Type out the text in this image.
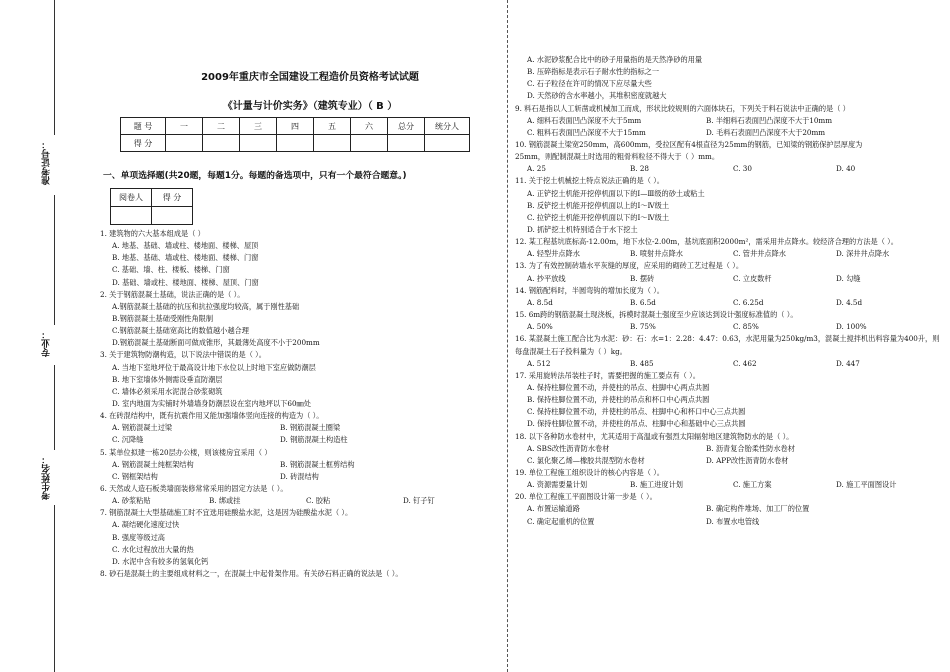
准考证号：
专业：
考生姓名：
2009年重庆市全国建设工程造价员资格考试试题
《计量与计价实务》（建筑专业）（ B ）
题 号	一	二	三	四	五	六	总分	统分人
得 分								
一、单项选择题(共20题，每题1分。每题的备选项中，只有一个最符合题意。)
阅卷人	得 分

1. 建筑物的六大基本组成是（ ）
A. 地基、基础、墙或柱、楼地面、楼梯、屋顶
B. 地基、基础、墙或柱、楼地面、楼梯、门窗
C. 基础、墙、柱、楼板、楼梯、门窗
D. 基础、墙或柱、楼地面、楼梯、屋顶、门窗
2. 关于钢筋混凝土基础，说法正确的是（ ）。
A.钢筋混凝土基础的抗压和抗拉强度均较高，属于刚性基础
B.钢筋混凝土基础受刚性角限制
C.钢筋混凝土基础宽高比的数值越小越合理
D.钢筋混凝土基础断面可做成锥形，其最薄处高度不小于200mm
3. 关于建筑物防潮构造，以下说法中错误的是（ ）。
A. 当地下室地坪位于最高设计地下水位以上时地下室应做防潮层
B. 地下室墙体外侧需设垂直防潮层
C. 墙体必须采用水泥混合砂浆砌筑
D. 室内地面为实铺时外墙墙身防潮层设在室内地坪以下60㎜处
4. 在砖混结构中，既有抗震作用又能加强墙体竖向连接的构造为（ ）。
A. 钢筋混凝土过梁	B. 钢筋混凝土圈梁
C. 沉降缝	D. 钢筋混凝土构造柱
5. 某单位拟建一栋20层办公楼，则该楼房宜采用（ ）
A. 钢筋混凝土纯框架结构	B. 钢筋混凝土框剪结构
C. 钢框架结构	D. 砖混结构
6. 天然或人造石板类墙面装修常常采用的固定方法是（ ）。
A. 砂浆粘贴	B. 绑或挂	C. 胶粘	D. 钉子钉
7. 钢筋混凝土大型基础施工时不宜选用硅酸盐水泥，这是因为硅酸盐水泥（ ）。
A. 凝结硬化速度过快
B. 强度等级过高
C. 水化过程放出大量的热
D. 水泥中含有较多的氢氧化钙
8. 砂石是混凝土的主要组成材料之一，在混凝土中起骨架作用。有关砂石料正确的说法是（ ）。
A. 水泥砂浆配合比中的砂子用量指的是天然净砂的用量
B. 压碎指标是表示石子耐水性的指标之一
C. 石子粒径在许可的情况下应尽量大些
D. 天然砂的含水率越小，其堆积密度就越大
9. 料石是指以人工斩凿或机械加工而成，形状比较规则的六面体块石，下列关于料石说法中正确的是（ ）
A. 细料石表面凹凸深度不大于5mm	B. 半细料石表面凹凸深度不大于10mm
C. 粗料石表面凹凸深度不大于15mm	D. 毛料石表面凹凸深度不大于20mm
10. 钢筋混凝土梁宽250mm，高600mm，受拉区配有4根直径为25mm的钢筋，已知梁的钢筋保护层厚度为
25mm，则配制混凝土时选用的粗骨料粒径不得大于（ ）mm。
A. 25	B. 28	C. 30	D. 40
11. 关于挖土机械挖土特点说法正确的是（ ）。
A. 正铲挖土机能开挖停机面以下的Ⅰ—Ⅲ级的砂土或粘土
B. 反铲挖土机能开挖停机面以上的Ⅰ～Ⅳ级土
C. 拉铲挖土机能开挖停机面以下的Ⅰ～Ⅳ级土
D. 抓铲挖土机特别适合于水下挖土
12. 某工程基坑底标高-12.00m，地下水位-2.00m，基坑底面积2000m²，需采用井点降水。较经济合理的方法是（ ）。
A. 轻型井点降水	B. 喷射井点降水	C. 管井井点降水	D. 深井井点降水
13. 为了有效控制砖墙水平灰缝的厚度，应采用的砌砖工艺过程是（ ）。
A. 抄平放线	B. 摆砖	C. 立皮数杆	D. 勾缝
14. 钢筋配料时，半圆弯钩的增加长度为（ ）。
A. 8.5d	B. 6.5d	C. 6.25d	D. 4.5d
15. 6m跨的钢筋混凝土现浇板，拆模时混凝土强度至少应该达到设计强度标准值的（ ）。
A. 50%	B. 75%	C. 85%	D. 100%
16. 某混凝土施工配合比为水泥：砂：石：水=1：2.28：4.47：0.63，水泥用量为250kg/m3，混凝土搅拌机出料容量为400升，则每盘混凝土石子投料量为（ ）kg。
A. 512	B. 485	C. 462	D. 447
17. 采用旋转法吊装柱子时，需要把握的施工要点有（ ）。
A. 保持柱脚位置不动，并使柱的吊点、柱脚中心两点共圆
B. 保持柱脚位置不动，并使柱的吊点和杯口中心两点共圆
C. 保持柱脚位置不动，并使柱的吊点、柱脚中心和杯口中心三点共圆
D. 保持柱脚位置不动，并使柱的吊点、柱脚中心和基础中心三点共圆
18. 以下各种防水卷材中，尤其适用于高温或有强烈太阳辐射地区建筑物防水的是（ ）。
A. SBS改性沥青防水卷材	B. 沥青复合胎柔性防水卷材
C. 氯化聚乙烯—橡胶共混型防水卷材	D. APP改性沥青防水卷材
19. 单位工程施工组织设计的核心内容是（ ）。
A. 资源需要量计划	B. 施工进度计划	C. 施工方案	D. 施工平面图设计
20. 单位工程施工平面图设计第一步是（ ）。
A. 布置运输道路	B. 确定构件堆场、加工厂的位置
C. 确定起重机的位置	D. 布置水电管线
